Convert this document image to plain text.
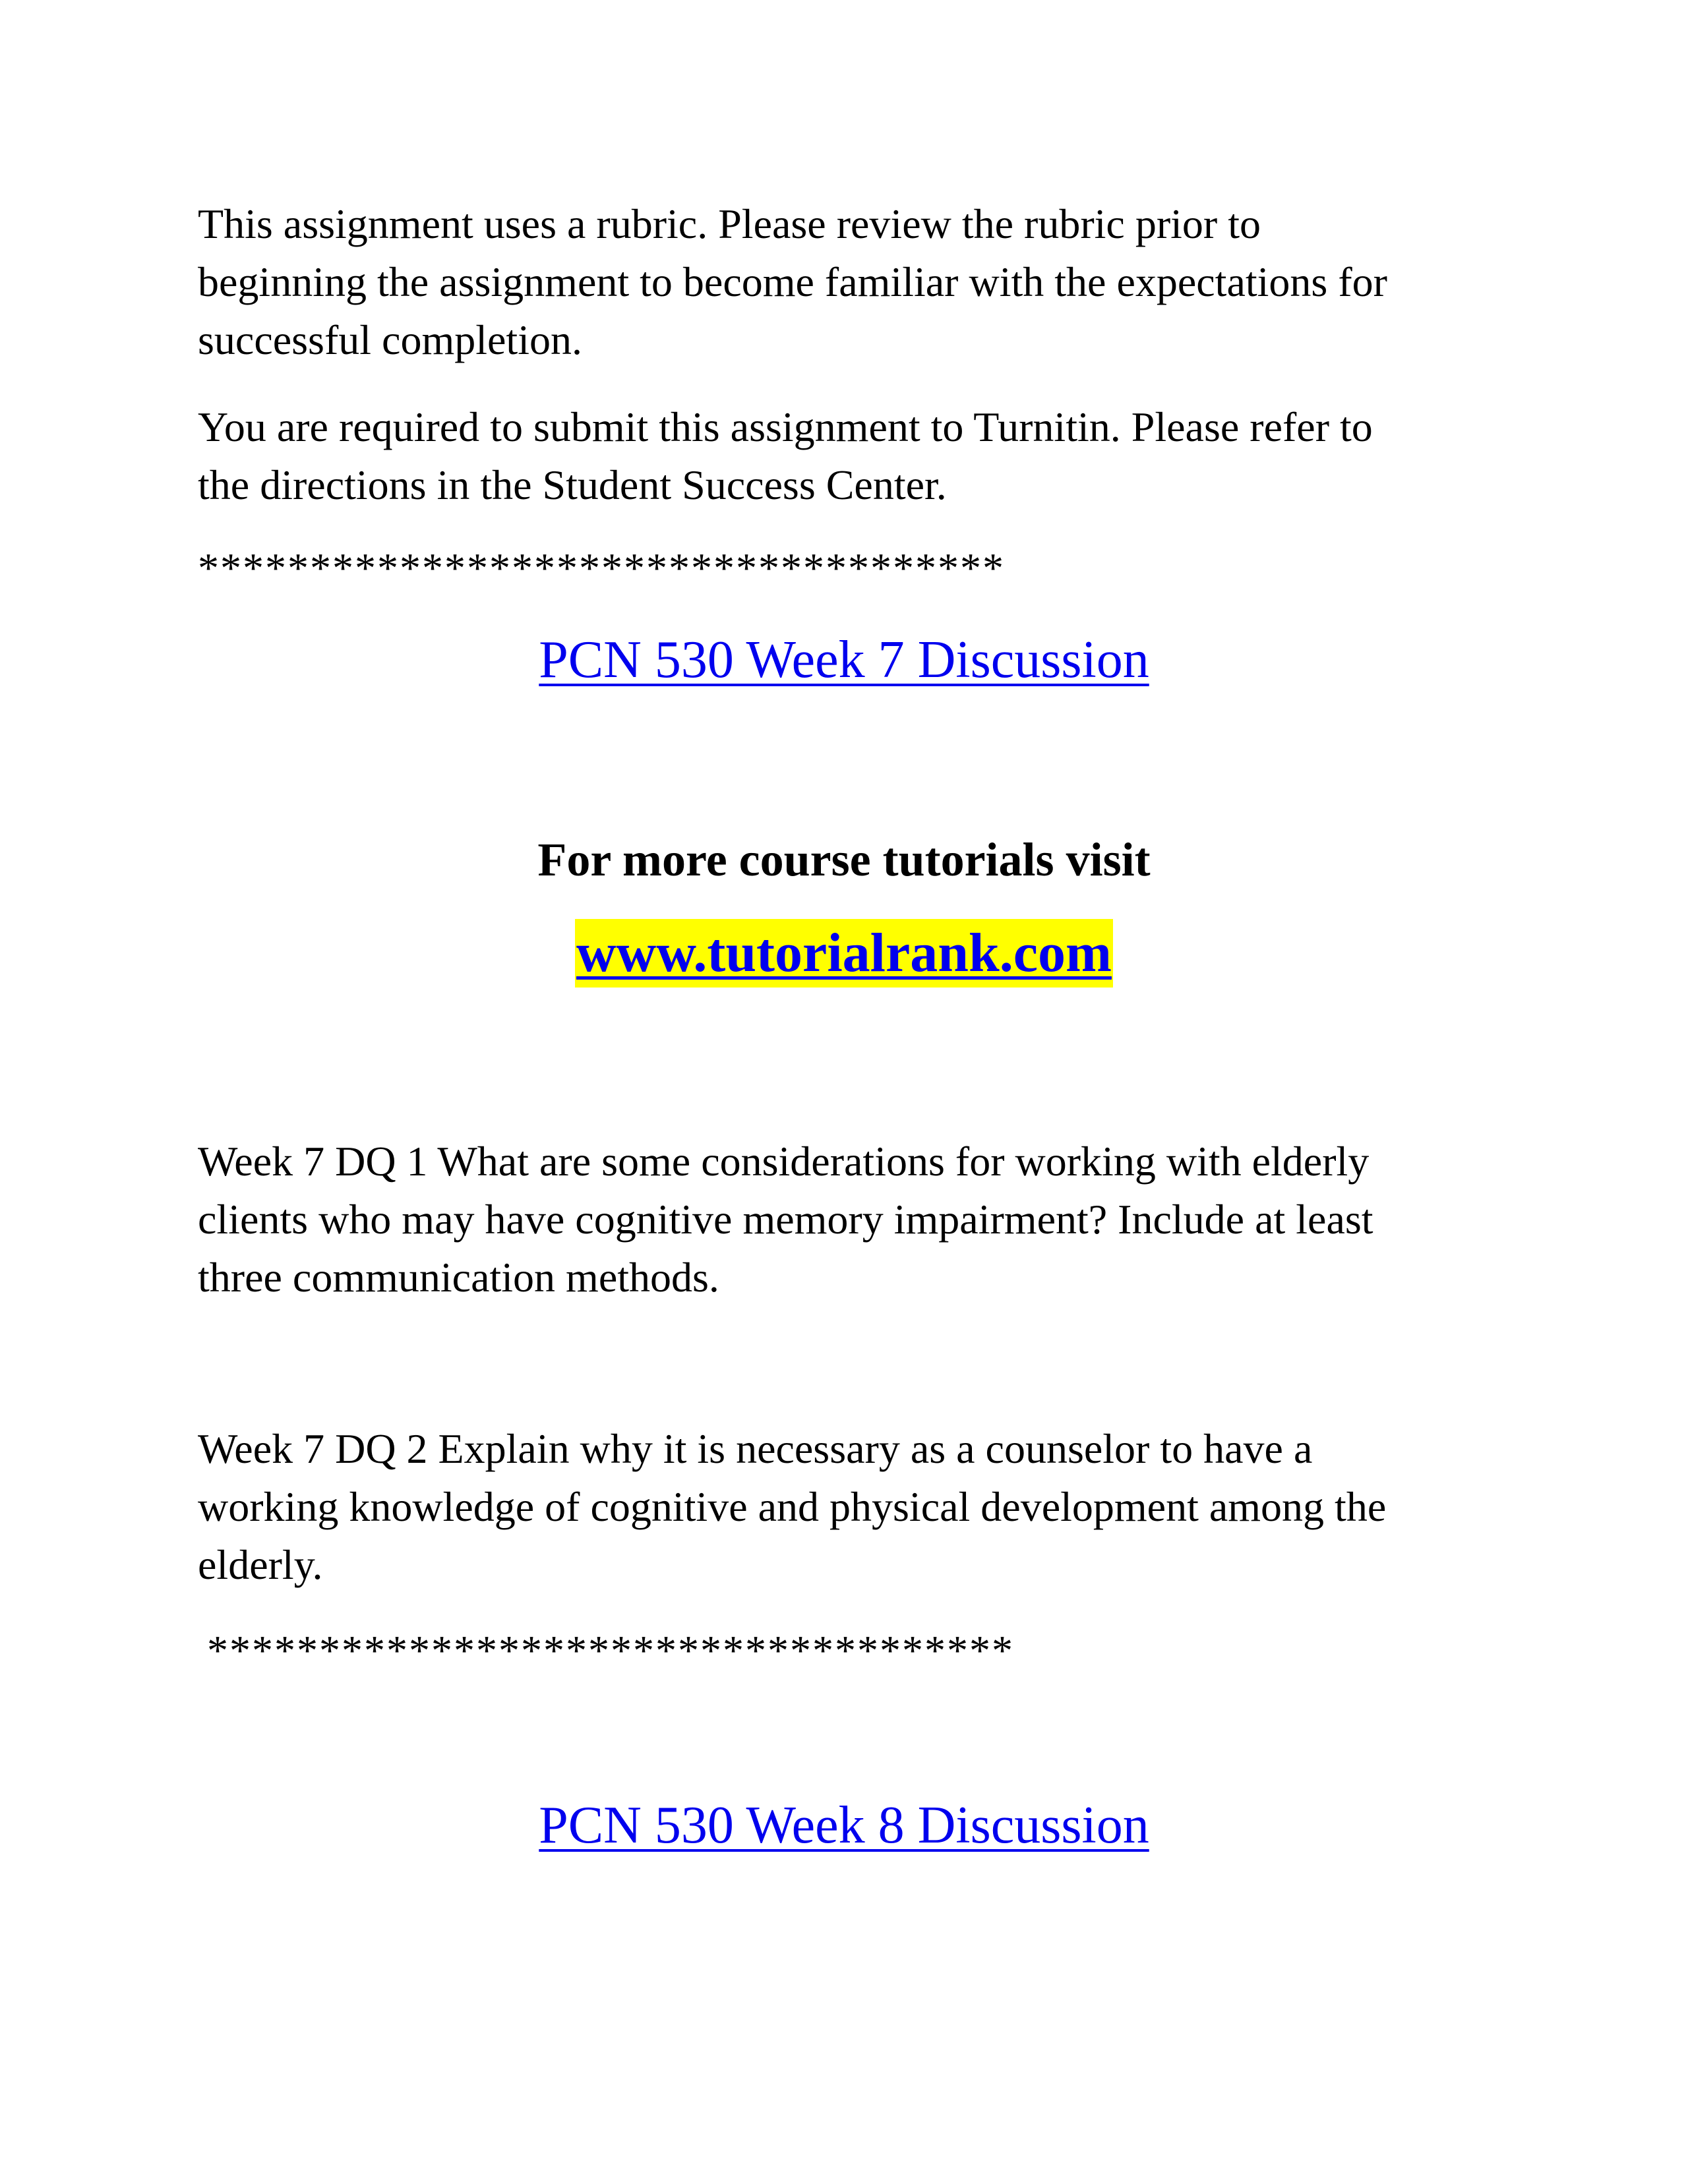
This assignment uses a rubric. Please review the rubric prior to
beginning the assignment to become familiar with the expectations for
successful completion.
You are required to submit this assignment to Turnitin. Please refer to
the directions in the Student Success Center.
************************************
PCN 530 Week 7 Discussion
For more course tutorials visit
www.tutorialrank.com
Week 7 DQ 1 What are some considerations for working with elderly
clients who may have cognitive memory impairment? Include at least
three communication methods.
Week 7 DQ 2 Explain why it is necessary as a counselor to have a
working knowledge of cognitive and physical development among the
elderly.
************************************
PCN 530 Week 8 Discussion
